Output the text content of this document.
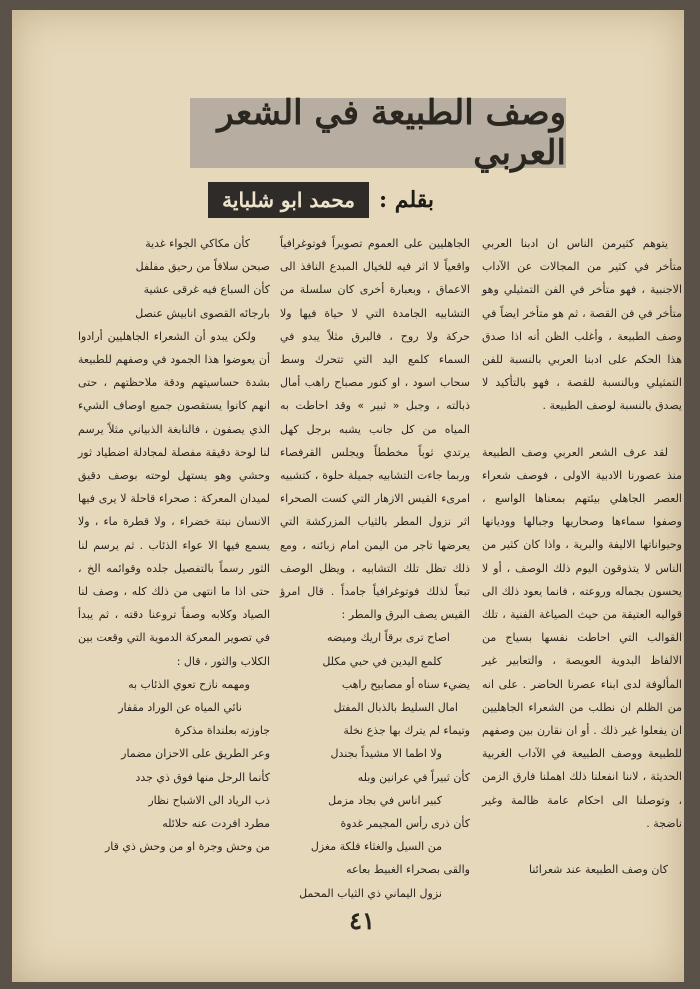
وصف الطبيعة في الشعر العربي
بقلم :
محمد ابو شلباية

يتوهم كثيرمن الناس ان ادبنا العربي متأخر في كثير من المجالات عن الآداب الاجنبية ، فهو متأخر في الفن التمثيلي وهو متأخر في فن القصة ، ثم هو متأخر ايضاً في وصف الطبيعة ، وأغلب الظن أنه اذا صدق هذا الحكم على ادبنا العربي بالنسبة للفن التمثيلي وبالنسبة للقصة ، فهو بالتأكيد لا يصدق بالنسبة لوصف الطبيعة .

لقد عرف الشعر العربي وصف الطبيعة منذ عصورنا الادبية الاولى ، فوصف شعراء العصر الجاهلي بيئتهم بمعناها الواسع ، وصفوا سماءها وصحاريها وجبالها ووديانها وحيواناتها الاليفة والبرية ، واذا كان كثير من الناس لا يتذوقون اليوم ذلك الوصف ، أو لا يحسون بجماله وروعته ، فانما يعود ذلك الى قوالبه العتيقة من حيث الصياغة الفنية ، تلك القوالب التي احاطت نفسها بسياج من الالفاظ البدوية العويصة ، والتعابير غير المألوفة لدى ابناء عصرنا الحاضر . على انه من الظلم ان نطلب من الشعراء الجاهليين ان يفعلوا غير ذلك . أو ان نقارن بين وصفهم للطبيعة ووصف الطبيعة في الآداب الغربية الحديثة ، لاننا انفعلنا ذلك اهملنا فارق الزمن ، وتوصلنا الى احكام عامة ظالمة وغير ناضجة .

كان وصف الطبيعة عند شعرائنا

الجاهليين على العموم تصويراً فوتوغرافياً واقعياً لا اثر فيه للخيال المبدع النافذ الى الاعماق ، وبعبارة أخرى كان سلسلة من التشابيه الجامدة التي لا حياة فيها ولا حركة ولا روح ، فالبرق مثلاً يبدو في السماء كلمع اليد التي تتحرك وسط سحاب اسود ، او كنور مصباح راهب أمال ذبالته ، وجبل « ثبير » وقد احاطت به المياه من كل جانب يشبه برجل كهل يرتدي ثوباً مخططاً ويجلس القرفصاء وربما جاءت التشابيه جميلة حلوة ، كتشبيه امرىء القيس الازهار التي كست الصحراء اثر نزول المطر بالثياب المزركشة التي يعرضها تاجر من اليمن امام زبائنه ، ومع ذلك تظل تلك التشابيه ، ويظل الوصف تبعاً لذلك فوتوغرافياً جامداً . قال امرؤ القيس يصف البرق والمطر :

اصاح ترى برقاً اريك وميضه
كلمع اليدين في حبي مكلل
يضيء سناه أو مصابيح راهب
امال السليط بالذبال المفتل
وتيماء لم يترك بها جذع نخلة
ولا اطما الا مشيداً بجندل
كأن ثبيراً في عرانين وبله
كبير اناس في بجاد مزمل
كأن ذرى رأس المجيمر غدوة
من السيل والغثاء فلكة مغزل
والقى بصحراء الغبيط بعاعه
نزول اليماني ذي الثياب المحمل
كأن مكاكي الجواء غدية
صبحن سلافاً من رحيق مفلفل
كأن السباع فيه غرقى عشية
بارجائه القصوى انابيش عنصل

ولكن يبدو أن الشعراء الجاهليين أرادوا أن يعوضوا هذا الجمود في وصفهم للطبيعة بشدة حساسيتهم ودقة ملاحظتهم ، حتى انهم كانوا يستقصون جميع اوصاف الشيء الذي يصفون ، فالنابغة الذبياني مثلاً يرسم لنا لوحة دقيقة مفصلة لمجادلة اضطياد ثور وحشي وهو يستهل لوحته بوصف دقيق لميدان المعركة : صحراء قاحلة لا يرى فيها الانسان نبتة خضراء ، ولا قطرة ماء ، ولا يسمع فيها الا عواء الذئاب . ثم يرسم لنا الثور رسماً بالتفصيل جلده وقوائمه الخ ، حتى اذا ما انتهى من ذلك كله ، وصف لنا الصياد وكلابه وصفاً تروعنا دقته ، ثم يبدأ في تصوير المعركة الدموية التي وقعت بين الكلاب والثور ، قال :

ومهمه نازح تعوي الذئاب به
نائي المياه عن الوراد مقفار
جاوزته بعلنداة مذكرة
وعر الطريق على الاحزان مضمار
كأنما الرحل منها فوق ذي جدد
ذب الرياد الى الاشباح نظار
مطرد افردت عنه حلائله
من وحش وجرة او من وحش ذي قار
٤١
